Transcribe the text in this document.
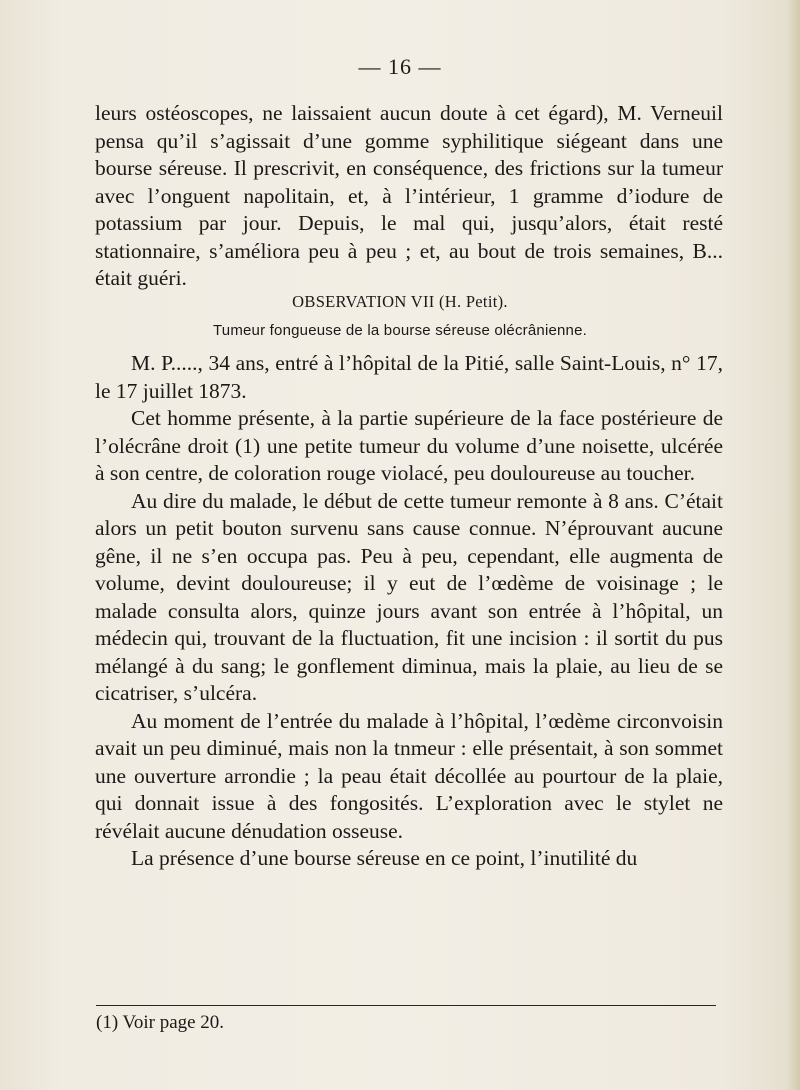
— 16 —

leurs ostéoscopes, ne laissaient aucun doute à cet égard), M. Verneuil pensa qu’il s’agissait d’une gomme syphilitique siégeant dans une bourse séreuse. Il prescrivit, en conséquence, des frictions sur la tumeur avec l’onguent napolitain, et, à l’intérieur, 1 gramme d’iodure de potassium par jour. Depuis, le mal qui, jusqu’alors, était resté stationnaire, s’améliora peu à peu ; et, au bout de trois semaines, B... était guéri.

OBSERVATION VII (H. Petit).
Tumeur fongueuse de la bourse séreuse olécrânienne.

M. P....., 34 ans, entré à l’hôpital de la Pitié, salle Saint-Louis, n° 17, le 17 juillet 1873.

Cet homme présente, à la partie supérieure de la face postérieure de l’olécrâne droit (1) une petite tumeur du volume d’une noisette, ulcérée à son centre, de coloration rouge violacé, peu douloureuse au toucher.

Au dire du malade, le début de cette tumeur remonte à 8 ans. C’était alors un petit bouton survenu sans cause connue. N’éprouvant aucune gêne, il ne s’en occupa pas. Peu à peu, cependant, elle augmenta de volume, devint douloureuse; il y eut de l’œdème de voisinage ; le malade consulta alors, quinze jours avant son entrée à l’hôpital, un médecin qui, trouvant de la fluctuation, fit une incision : il sortit du pus mélangé à du sang; le gonflement diminua, mais la plaie, au lieu de se cicatriser, s’ulcéra.

Au moment de l’entrée du malade à l’hôpital, l’œdème circonvoisin avait un peu diminué, mais non la tnmeur : elle présentait, à son sommet une ouverture arrondie ; la peau était décollée au pourtour de la plaie, qui donnait issue à des fongosités. L’exploration avec le stylet ne révélait aucune dénudation osseuse.

La présence d’une bourse séreuse en ce point, l’inutilité du

(1) Voir page 20.
